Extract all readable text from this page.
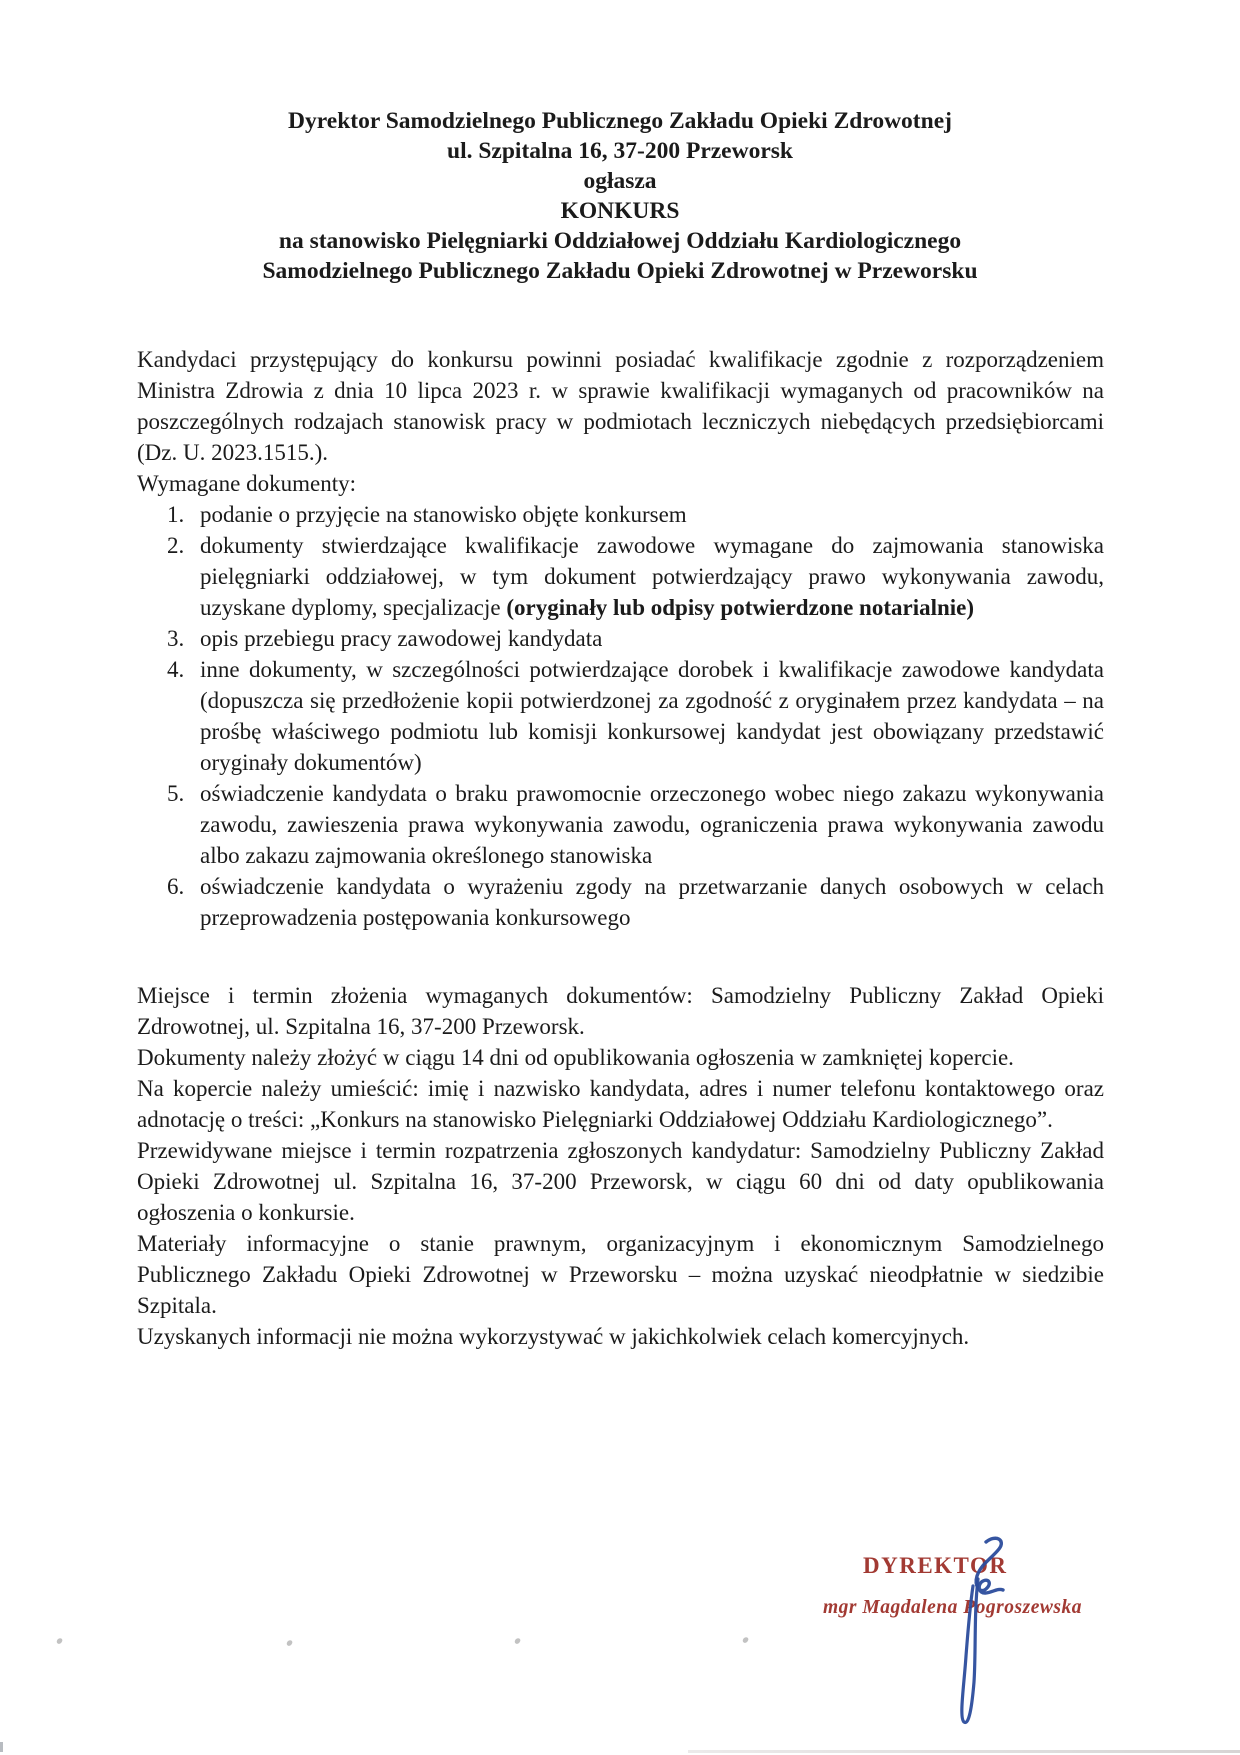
Dyrektor Samodzielnego Publicznego Zakładu Opieki Zdrowotnej
ul. Szpitalna 16, 37-200 Przeworsk
ogłasza
KONKURS
na stanowisko Pielęgniarki Oddziałowej Oddziału Kardiologicznego
Samodzielnego Publicznego Zakładu Opieki Zdrowotnej w Przeworsku
Kandydaci przystępujący do konkursu powinni posiadać kwalifikacje zgodnie z rozporządzeniem Ministra Zdrowia z dnia 10 lipca 2023 r. w sprawie kwalifikacji wymaganych od pracowników na poszczególnych rodzajach stanowisk pracy w podmiotach leczniczych niebędących przedsiębiorcami (Dz. U. 2023.1515.).
Wymagane dokumenty:
1. podanie o przyjęcie na stanowisko objęte konkursem
2. dokumenty stwierdzające kwalifikacje zawodowe wymagane do zajmowania stanowiska pielęgniarki oddziałowej, w tym dokument potwierdzający prawo wykonywania zawodu, uzyskane dyplomy, specjalizacje (oryginały lub odpisy potwierdzone notarialnie)
3. opis przebiegu pracy zawodowej kandydata
4. inne dokumenty, w szczególności potwierdzające dorobek i kwalifikacje zawodowe kandydata (dopuszcza się przedłożenie kopii potwierdzonej za zgodność z oryginałem przez kandydata – na prośbę właściwego podmiotu lub komisji konkursowej kandydat jest obowiązany przedstawić oryginały dokumentów)
5. oświadczenie kandydata o braku prawomocnie orzeczonego wobec niego zakazu wykonywania zawodu, zawieszenia prawa wykonywania zawodu, ograniczenia prawa wykonywania zawodu albo zakazu zajmowania określonego stanowiska
6. oświadczenie kandydata o wyrażeniu zgody na przetwarzanie danych osobowych w celach przeprowadzenia postępowania konkursowego
Miejsce i termin złożenia wymaganych dokumentów: Samodzielny Publiczny Zakład Opieki Zdrowotnej, ul. Szpitalna 16, 37-200 Przeworsk.
Dokumenty należy złożyć w ciągu 14 dni od opublikowania ogłoszenia w zamkniętej kopercie.
Na kopercie należy umieścić: imię i nazwisko kandydata, adres i numer telefonu kontaktowego oraz adnotację o treści: „Konkurs na stanowisko Pielęgniarki Oddziałowej Oddziału Kardiologicznego”.
Przewidywane miejsce i termin rozpatrzenia zgłoszonych kandydatur: Samodzielny Publiczny Zakład Opieki Zdrowotnej ul. Szpitalna 16, 37-200 Przeworsk, w ciągu 60 dni od daty opublikowania ogłoszenia o konkursie.
Materiały informacyjne o stanie prawnym, organizacyjnym i ekonomicznym Samodzielnego Publicznego Zakładu Opieki Zdrowotnej w Przeworsku – można uzyskać nieodpłatnie w siedzibie Szpitala.
Uzyskanych informacji nie można wykorzystywać w jakichkolwiek celach komercyjnych.
DYREKTOR
mgr Magdalena Pogroszewska
